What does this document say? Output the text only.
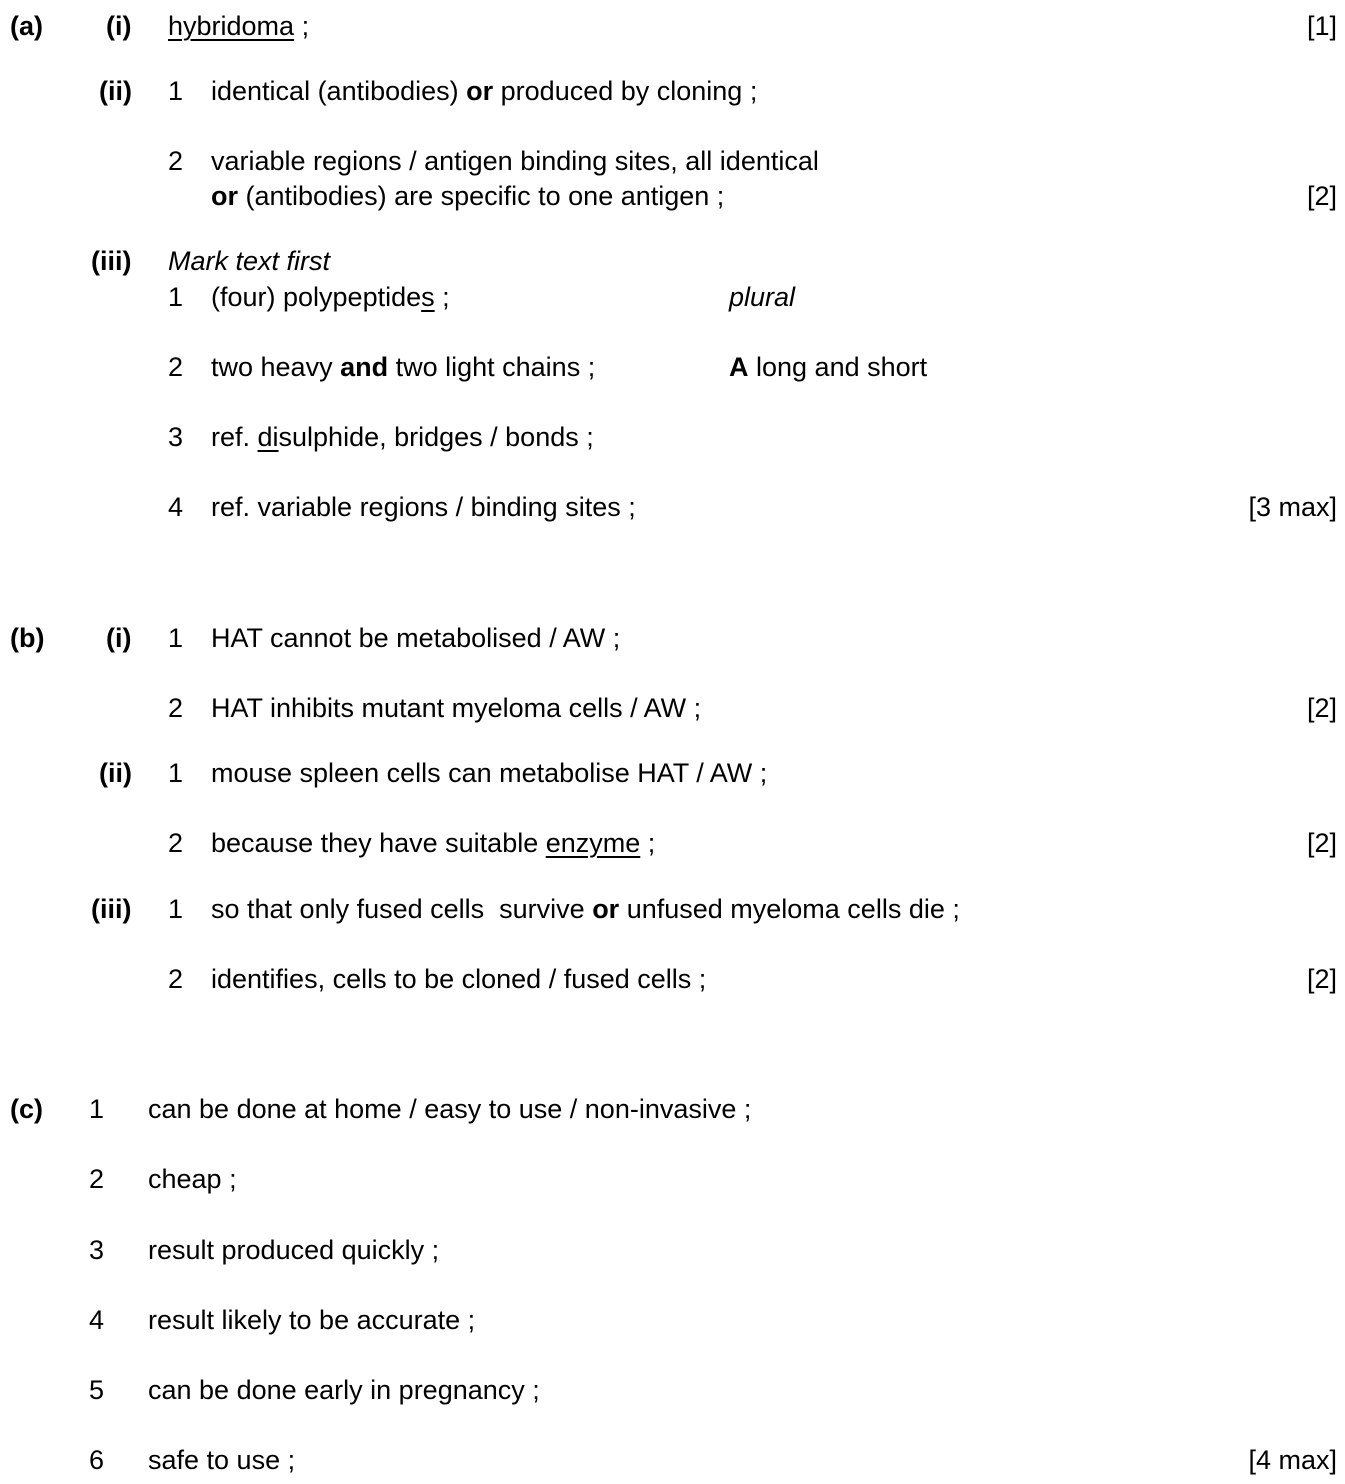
(a) (i) hybridoma ;	[1]
(ii) 1 identical (antibodies) or produced by cloning ;
2 variable regions / antigen binding sites, all identical
or (antibodies) are specific to one antigen ;	[2]
(iii) Mark text first
1 (four) polypeptides ;	plural
2 two heavy and two light chains ;	A long and short
3 ref. disulphide, bridges / bonds ;
4 ref. variable regions / binding sites ;	[3 max]
(b) (i) 1 HAT cannot be metabolised / AW ;
2 HAT inhibits mutant myeloma cells / AW ;	[2]
(ii) 1 mouse spleen cells can metabolise HAT / AW ;
2 because they have suitable enzyme ;	[2]
(iii) 1 so that only fused cells  survive or unfused myeloma cells die ;
2 identifies, cells to be cloned / fused cells ;	[2]
(c) 1 can be done at home / easy to use / non-invasive ;
2 cheap ;
3 result produced quickly ;
4 result likely to be accurate ;
5 can be done early in pregnancy ;
6 safe to use ;	[4 max]
